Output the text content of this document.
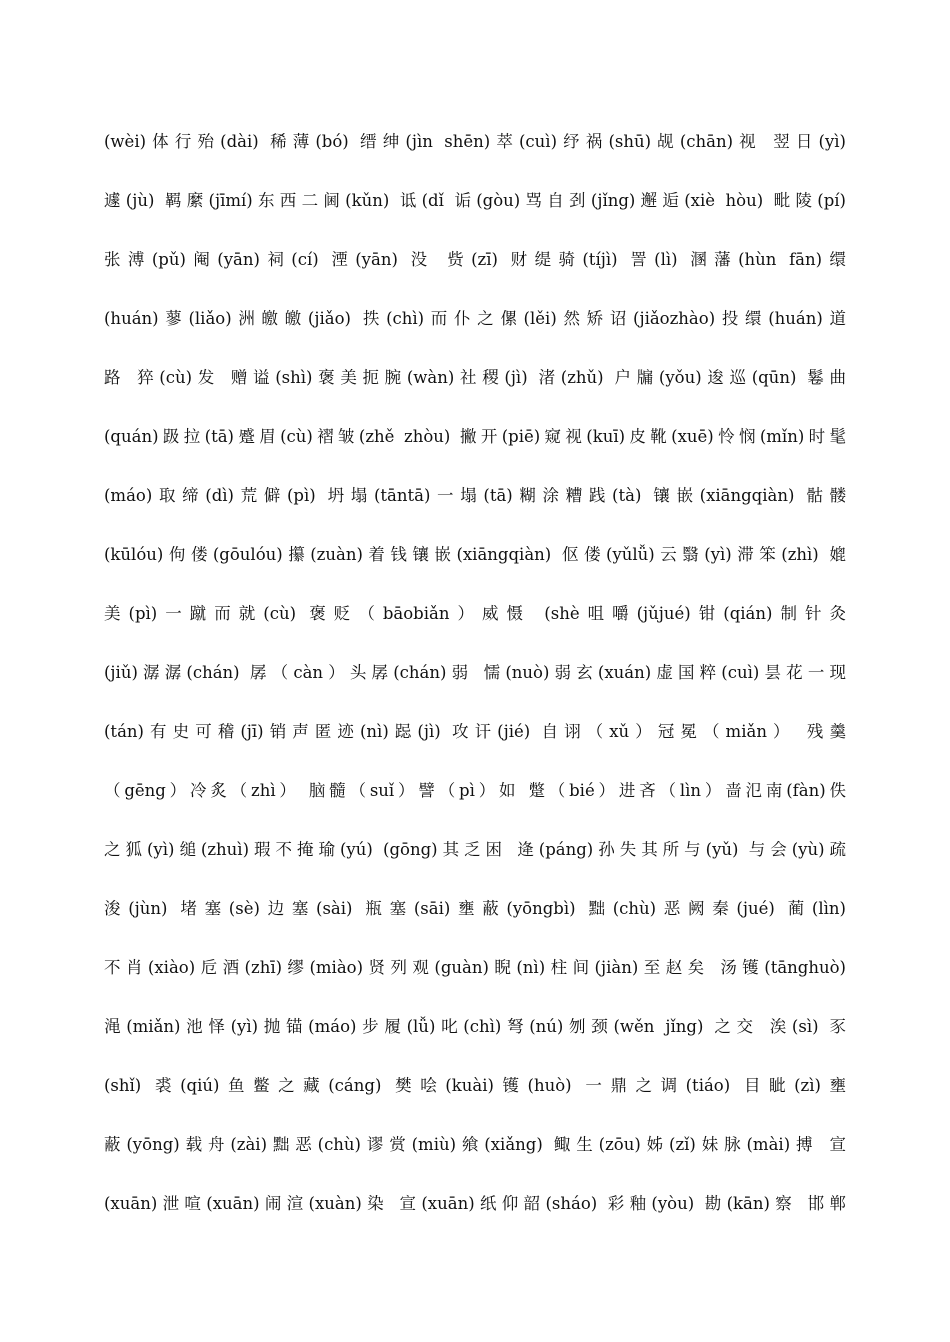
(wèi)体行殆(dài) 稀薄(bó) 缙绅(jìn shēn)萃(cuì)纾祸(shū)觇(chān)视 翌日(yì)
遽(jù) 羁縻(jīmí)东西二阃(kǔn) 诋(dǐ 诟(gòu)骂自刭(jǐng)邂逅(xiè hòu) 毗陵(pí)
张溥(pǔ)阉(yān)祠(cí) 湮(yān) 没 赀(zī) 财缇骑(tíjì) 詈(lì) 溷藩(hùn fān)缳
(huán)蓼(liǎo)洲皦皦(jiǎo) 抶(chì)而仆之傫(lěi)然矫诏(jiǎozhào)投缳(huán)道
路 猝(cù)发 赠谥(shì)褒美扼腕(wàn)社稷(jì) 渚(zhǔ) 户牖(yǒu)逡巡(qūn) 鬈曲
(quán)趿拉(tā)蹙眉(cù)褶皱(zhě zhòu) 撇开(piē)窥视(kuī)皮靴(xuē)怜悯(mǐn)时髦
(máo)取缔(dì)荒僻(pì) 坍塌(tāntā)一塌(tā)糊涂糟践(tà) 镶嵌(xiāngqiàn) 骷髅
(kūlóu)佝偻(gōulóu)攥(zuàn)着钱镶嵌(xiāngqiàn) 伛偻(yǔlǚ)云翳(yì)滞笨(zhì) 媲
美(pì)一蹴而就(cù) 褒贬（bāobiǎn）威慑 (shè咀嚼(jǔjué)钳(qián)制针灸
(jiǔ)潺潺(chán) 孱（càn）头孱(chán)弱 懦(nuò)弱玄(xuán)虚国粹(cuì)昙花一现
(tán)有史可稽(jī)销声匿迹(nì)跽(jì) 攻讦(jié) 自诩（xǔ）冠冕（miǎn） 残羹
（gēng）冷炙（zhì） 脑髓（suǐ）譬（pì）如 蹩（bié）进吝（lìn）啬氾南(fàn)佚
之狐(yì)缒(zhuì)瑕不掩瑜(yú) (gōng)其乏困 逄(páng)孙失其所与(yǔ) 与会(yù)疏
浚(jùn) 堵塞(sè)边塞(sài) 瓶塞(sāi)壅蔽(yōngbì) 黜(chù)恶阙秦(jué) 蔺(lìn)
不肖(xiào)卮酒(zhī)缪(miào)贤列观(guàn)睨(nì)柱间(jiàn)至赵矣 汤镬(tānghuò)
渑(miǎn)池怿(yì)抛锚(máo)步履(lǚ)叱(chì)弩(nú)刎颈(wěn jǐng) 之交 涘(sì) 豕
(shǐ) 裘(qiú)鱼鳖之藏(cáng) 樊哙(kuài)镬(huò) 一鼎之调(tiáo) 目眦(zì)壅
蔽(yōng)载舟(zài)黜恶(chù)谬赏(miù)飨(xiǎng) 鲰生(zōu)姊(zǐ)妹脉(mài)搏 宣
(xuān)泄喧(xuān)闹渲(xuàn)染 宣(xuān)纸仰韶(sháo) 彩釉(yòu) 勘(kān)察 邯郸
